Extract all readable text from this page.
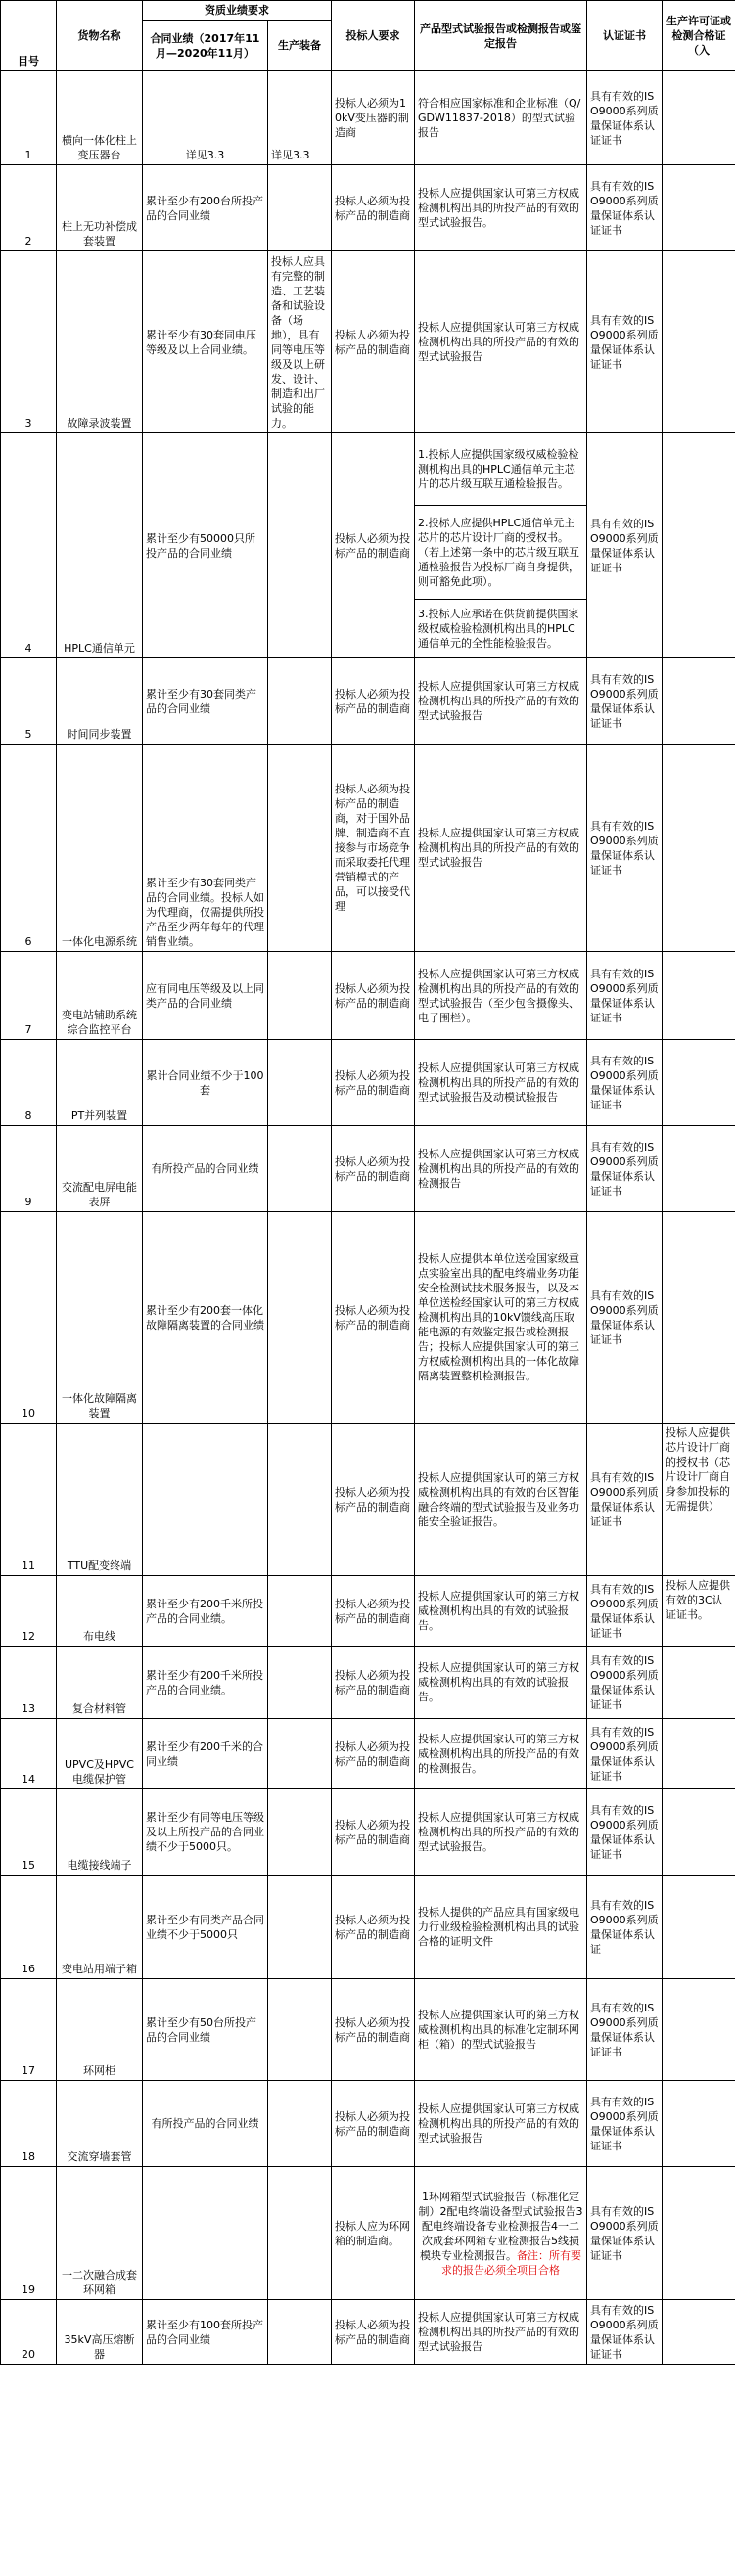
目号	货物名称	资质业绩要求		投标人要求	产品型式试验报告或检测报告或鉴定报告	认证证书	生产许可证或检测合格证（入
		合同业绩（2017年11月—2020年11月）	生产装备				
1	横向一体化柱上变压器台	详见3.3	详见3.3	投标人必须为10kV变压器的制造商	符合相应国家标准和企业标准（Q/GDW11837-2018）的型式试验报告	具有有效的ISO9000系列质量保证体系认证证书	
2	柱上无功补偿成套装置	累计至少有200台所投产品的合同业绩		投标人必须为投标产品的制造商	投标人应提供国家认可第三方权威检测机构出具的所投产品的有效的型式试验报告。	具有有效的ISO9000系列质量保证体系认证证书	
3	故障录波装置	累计至少有30套同电压等级及以上合同业绩。	投标人应具有完整的制造、工艺装备和试验设备（场地），具有同等电压等级及以上研发、设计、制造和出厂试验的能力。	投标人必须为投标产品的制造商	投标人应提供国家认可第三方权威检测机构出具的所投产品的有效的型式试验报告	具有有效的ISO9000系列质量保证体系认证证书	
4	HPLC通信单元	累计至少有50000只所投产品的合同业绩		投标人必须为投标产品的制造商	1.投标人应提供国家级权威检验检测机构出具的HPLC通信单元主芯片的芯片级互联互通检验报告。	具有有效的ISO9000系列质量保证体系认证证书	
					2.投标人应提供HPLC通信单元主芯片的芯片设计厂商的授权书。（若上述第一条中的芯片级互联互通检验报告为投标厂商自身提供，则可豁免此项）。		
					3.投标人应承诺在供货前提供国家级权威检验检测机构出具的HPLC通信单元的全性能检验报告。		
5	时间同步装置	累计至少有30套同类产品的合同业绩		投标人必须为投标产品的制造商	投标人应提供国家认可第三方权威检测机构出具的所投产品的有效的型式试验报告	具有有效的ISO9000系列质量保证体系认证证书	
6	一体化电源系统	累计至少有30套同类产品的合同业绩。投标人如为代理商，仅需提供所投产品至少两年每年的代理销售业绩。		投标人必须为投标产品的制造商，对于国外品牌、制造商不直接参与市场竞争而采取委托代理营销模式的产品，可以接受代理	投标人应提供国家认可第三方权威检测机构出具的所投产品的有效的型式试验报告	具有有效的ISO9000系列质量保证体系认证证书	
7	变电站辅助系统综合监控平台	应有同电压等级及以上同类产品的合同业绩		投标人必须为投标产品的制造商	投标人应提供国家认可第三方权威检测机构出具的所投产品的有效的型式试验报告（至少包含摄像头、电子围栏）。	具有有效的ISO9000系列质量保证体系认证证书	
8	PT并列装置	累计合同业绩不少于100套		投标人必须为投标产品的制造商	投标人应提供国家认可第三方权威检测机构出具的所投产品的有效的型式试验报告及动模试验报告	具有有效的ISO9000系列质量保证体系认证证书	
9	交流配电屏电能表屏	有所投产品的合同业绩		投标人必须为投标产品的制造商	投标人应提供国家认可第三方权威检测机构出具的所投产品的有效的检测报告	具有有效的ISO9000系列质量保证体系认证证书	
10	一体化故障隔离装置	累计至少有200套一体化故障隔离装置的合同业绩		投标人必须为投标产品的制造商	投标人应提供本单位送检国家级重点实验室出具的配电终端业务功能安全检测试技术服务报告，以及本单位送检经国家认可的第三方权威检测机构出具的10kV馈线高压取能电源的有效鉴定报告或检测报告；投标人应提供国家认可的第三方权威检测机构出具的一体化故障隔离装置整机检测报告。	具有有效的ISO9000系列质量保证体系认证证书	
11	TTU配变终端			投标人必须为投标产品的制造商	投标人应提供国家认可的第三方权威检测机构出具的有效的台区智能融合终端的型式试验报告及业务功能安全验证报告。	具有有效的ISO9000系列质量保证体系认证证书	投标人应提供芯片设计厂商的授权书（芯片设计厂商自身参加投标的无需提供）
12	布电线	累计至少有200千米所投产品的合同业绩。		投标人必须为投标产品的制造商	投标人应提供国家认可的第三方权威检测机构出具的有效的试验报告。	具有有效的ISO9000系列质量保证体系认证证书	投标人应提供有效的3C认证证书。
13	复合材料管	累计至少有200千米所投产品的合同业绩。		投标人必须为投标产品的制造商	投标人应提供国家认可的第三方权威检测机构出具的有效的试验报告。	具有有效的ISO9000系列质量保证体系认证证书	
14	UPVC及HPVC电缆保护管	累计至少有200千米的合同业绩		投标人必须为投标产品的制造商	投标人应提供国家认可的第三方权威检测机构出具的所投产品的有效的检测报告。	具有有效的ISO9000系列质量保证体系认证证书	
15	电缆接线端子	累计至少有同等电压等级及以上所投产品的合同业绩不少于5000只。		投标人必须为投标产品的制造商	投标人应提供国家认可第三方权威检测机构出具的所投产品的有效的型式试验报告。	具有有效的ISO9000系列质量保证体系认证证书	
16	变电站用端子箱	累计至少有同类产品合同业绩不少于5000只		投标人必须为投标产品的制造商	投标人提供的产品应具有国家级电力行业级检验检测机构出具的试验合格的证明文件	具有有效的ISO9000系列质量保证体系认证	
17	环网柜	累计至少有50台所投产品的合同业绩		投标人必须为投标产品的制造商	投标人应提供国家认可的第三方权威检测机构出具的标准化定制环网柜（箱）的型式试验报告	具有有效的ISO9000系列质量保证体系认证证书	
18	交流穿墙套管	有所投产品的合同业绩		投标人必须为投标产品的制造商	投标人应提供国家认可第三方权威检测机构出具的所投产品的有效的型式试验报告	具有有效的ISO9000系列质量保证体系认证证书	
19	一二次融合成套环网箱			投标人应为环网箱的制造商。	1环网箱型式试验报告（标准化定制）2配电终端设备型式试验报告3配电终端设备专业检测报告4一二次成套环网箱专业检测报告5线损模块专业检测报告。备注：所有要求的报告必须全项目合格	具有有效的ISO9000系列质量保证体系认证证书	
20	35kV高压熔断器	累计至少有100套所投产品的合同业绩		投标人必须为投标产品的制造商	投标人应提供国家认可第三方权威检测机构出具的所投产品的有效的型式试验报告	具有有效的ISO9000系列质量保证体系认证证书	
